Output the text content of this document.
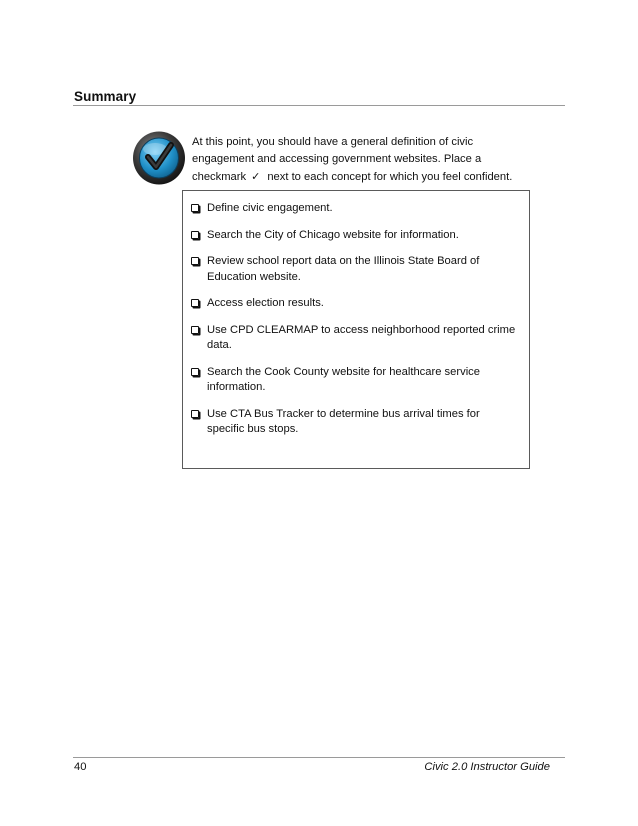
Summary
At this point, you should have a general definition of civic
engagement and accessing government websites. Place a
checkmark ✓ next to each concept for which you feel confident.
Define civic engagement.
Search the City of Chicago website for information.
Review school report data on the Illinois State Board of Education website.
Access election results.
Use CPD CLEARMAP to access neighborhood reported crime data.
Search the Cook County website for healthcare service information.
Use CTA Bus Tracker to determine bus arrival times for specific bus stops.
40	Civic 2.0 Instructor Guide
